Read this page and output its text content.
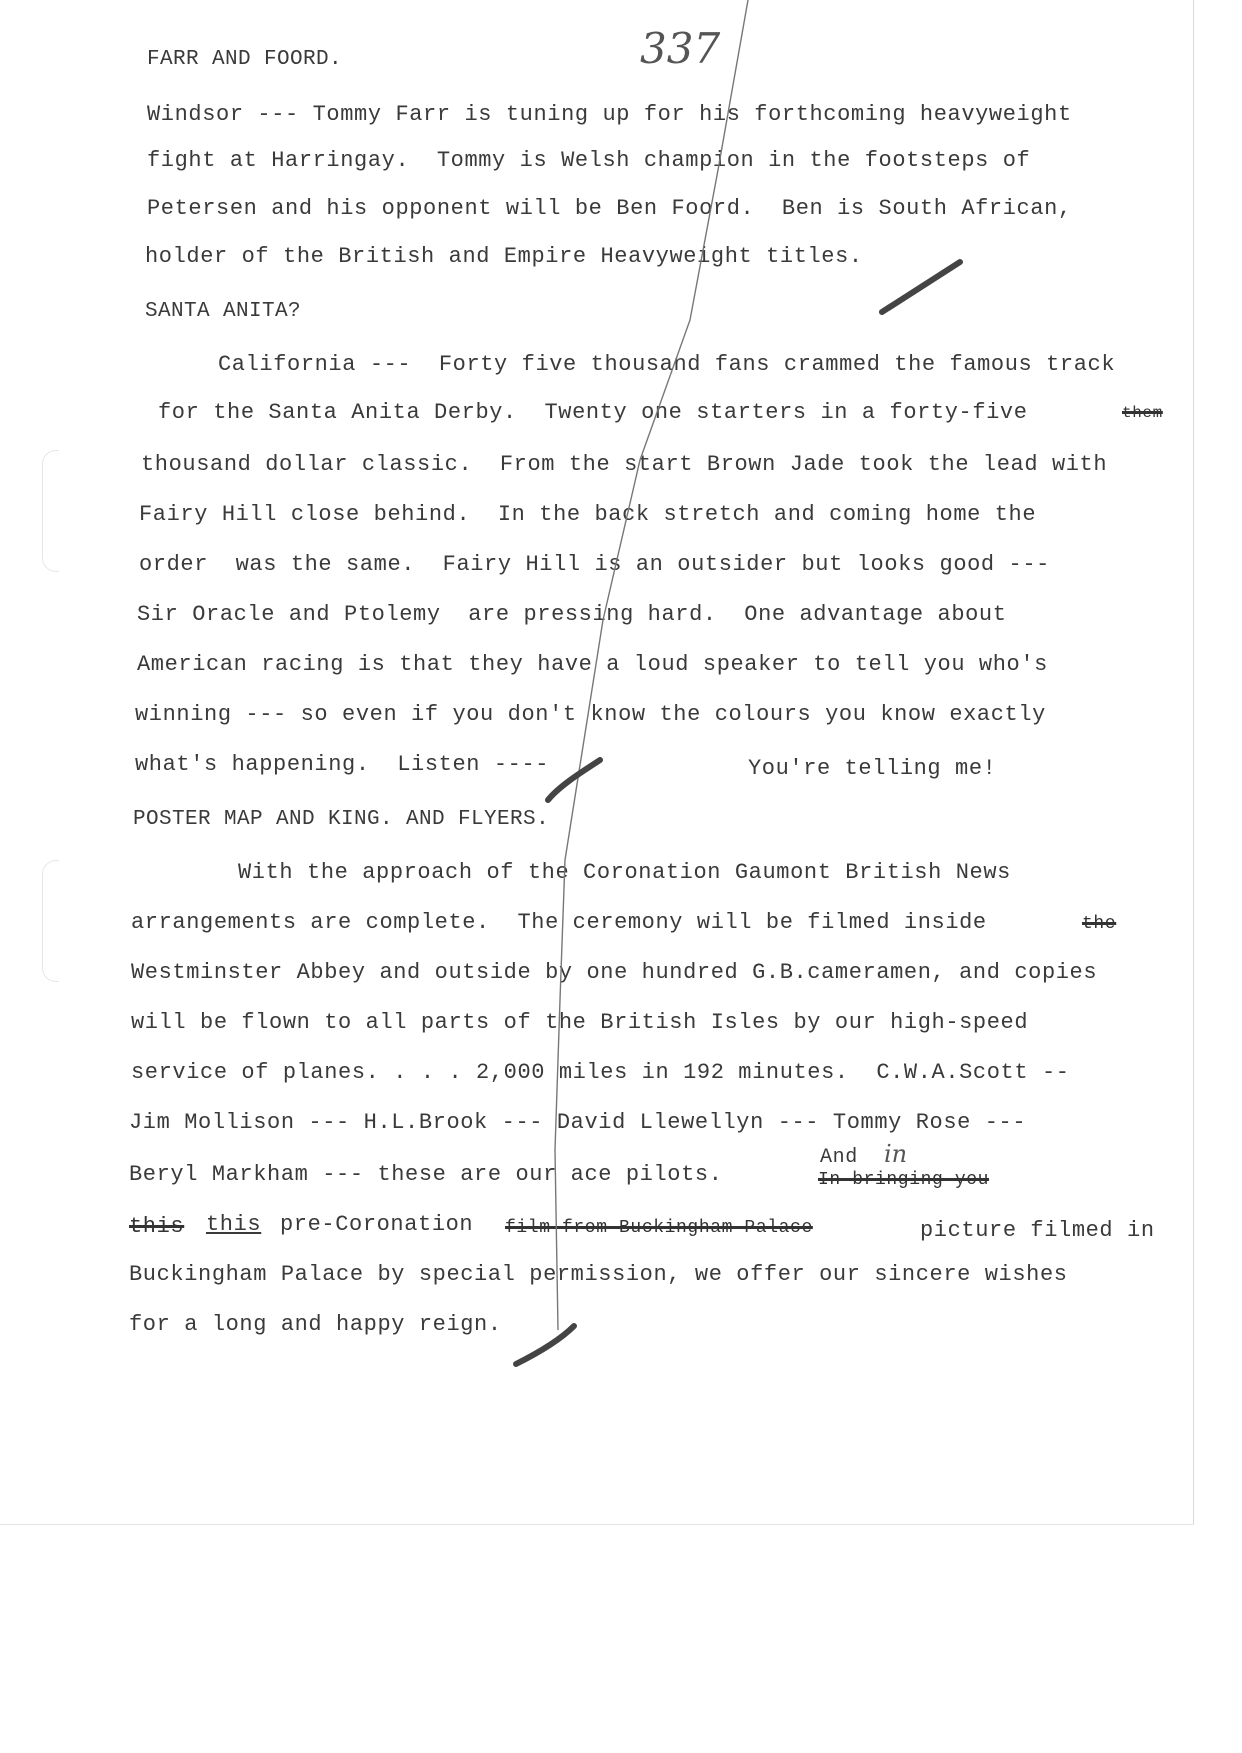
337
FARR AND FOORD.
Windsor --- Tommy Farr is tuning up for his forthcoming heavyweight
fight at Harringay.  Tommy is Welsh champion in the footsteps of
Petersen and his opponent will be Ben Foord.  Ben is South African,
holder of the British and Empire Heavyweight titles.
SANTA ANITA?
California ---  Forty five thousand fans crammed the famous track
for the Santa Anita Derby.  Twenty one starters in a forty-five	them
thousand dollar classic.  From the start Brown Jade took the lead with
Fairy Hill close behind.  In the back stretch and coming home the
order  was the same.  Fairy Hill is an outsider but looks good ---
Sir Oracle and Ptolemy  are pressing hard.  One advantage about
American racing is that they have a loud speaker to tell you who's
winning --- so even if you don't know the colours you know exactly
what's happening.  Listen ----	You're telling me!
POSTER MAP AND KING. AND FLYERS.
With the approach of the Coronation Gaumont British News
arrangements are complete.  The ceremony will be filmed inside	the
Westminster Abbey and outside by one hundred G.B.cameramen, and copies
will be flown to all parts of the British Isles by our high-speed
service of planes. . . . 2,000 miles in 192 minutes.  C.W.A.Scott --
Jim Mollison --- H.L.Brook --- David Llewellyn --- Tommy Rose ---
Beryl Markham --- these are our ace pilots.
And in
In bringing you
this this pre-Coronation film from Buckingham Palace	picture filmed in
Buckingham Palace by special permission, we offer our sincere wishes
for a long and happy reign.
